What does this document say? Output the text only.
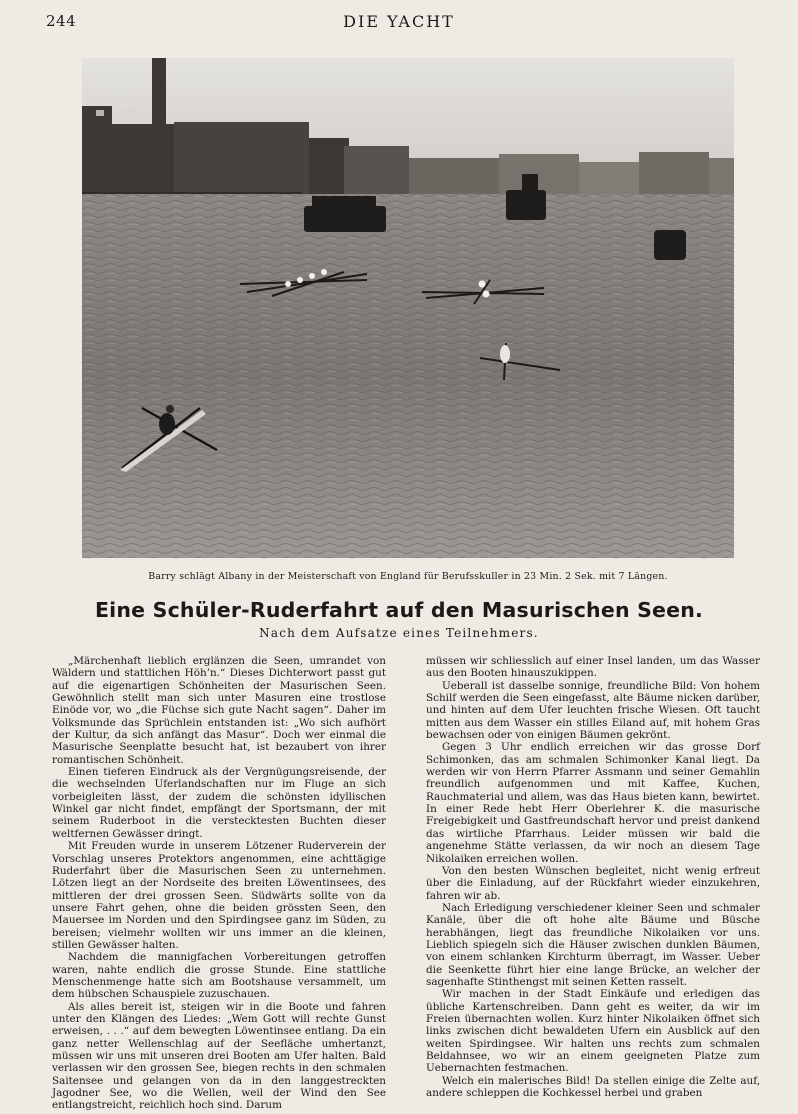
244	DIE YACHT
Barry schlägt Albany in der Meisterschaft von England für Berufsskuller in 23 Min. 2 Sek. mit 7 Längen.
Eine Schüler-Ruderfahrt auf den Masurischen Seen.
Nach dem Aufsatze eines Teilnehmers.

„Märchenhaft lieblich erglänzen die Seen, umrandet von Wäldern und stattlichen Höh’n.“ Dieses Dichterwort passt gut auf die eigenartigen Schönheiten der Masurischen Seen. Gewöhnlich stellt man sich unter Masuren eine trostlose Einöde vor, wo „die Füchse sich gute Nacht sagen“. Daher im Volksmunde das Sprüchlein entstanden ist: „Wo sich aufhört der Kultur, da sich anfängt das Masur“. Doch wer einmal die Masurische Seenplatte besucht hat, ist bezaubert von ihrer romantischen Schönheit.

Einen tieferen Eindruck als der Vergnügungsreisende, der die wechselnden Uferlandschaften nur im Fluge an sich vorbeigleiten lässt, der zudem die schönsten idyllischen Winkel gar nicht findet, empfängt der Sportsmann, der mit seinem Ruderboot in die verstecktesten Buchten dieser weltfernen Gewässer dringt.

Mit Freuden wurde in unserem Lötzener Ruderverein der Vorschlag unseres Protektors angenommen, eine achttägige Ruderfahrt über die Masurischen Seen zu unternehmen. Lötzen liegt an der Nordseite des breiten Löwentinsees, des mittleren der drei grossen Seen. Südwärts sollte von da unsere Fahrt gehen, ohne die beiden grössten Seen, den Mauersee im Norden und den Spirdingsee ganz im Süden, zu bereisen; vielmehr wollten wir uns immer an die kleinen, stillen Gewässer halten.

Nachdem die mannigfachen Vorbereitungen getroffen waren, nahte endlich die grosse Stunde. Eine stattliche Menschenmenge hatte sich am Bootshause versammelt, um dem hübschen Schauspiele zuzuschauen.

Als alles bereit ist, steigen wir in die Boote und fahren unter den Klängen des Liedes: „Wem Gott will rechte Gunst erweisen, . . .“ auf dem bewegten Löwentinsee entlang. Da ein ganz netter Wellenschlag auf der Seefläche umhertanzt, müssen wir uns mit unseren drei Booten am Ufer halten. Bald verlassen wir den grossen See, biegen rechts in den schmalen Saitensee und gelangen von da in den langgestreckten Jagodner See, wo die Wellen, weil der Wind den See entlangstreicht, reichlich hoch sind. Darum

müssen wir schliesslich auf einer Insel landen, um das Wasser aus den Booten hinauszukippen.

Ueberall ist dasselbe sonnige, freundliche Bild: Von hohem Schilf werden die Seen eingefasst, alte Bäume nicken darüber, und hinten auf dem Ufer leuchten frische Wiesen. Oft taucht mitten aus dem Wasser ein stilles Eiland auf, mit hohem Gras bewachsen oder von einigen Bäumen gekrönt.

Gegen 3 Uhr endlich erreichen wir das grosse Dorf Schimonken, das am schmalen Schimonker Kanal liegt. Da werden wir von Herrn Pfarrer Assmann und seiner Gemahlin freundlich aufgenommen und mit Kaffee, Kuchen, Rauchmaterial und allem, was das Haus bieten kann, bewirtet. In einer Rede hebt Herr Oberlehrer K. die masurische Freigebigkeit und Gastfreundschaft hervor und preist dankend das wirtliche Pfarrhaus. Leider müssen wir bald die angenehme Stätte verlassen, da wir noch an diesem Tage Nikolaiken erreichen wollen.

Von den besten Wünschen begleitet, nicht wenig erfreut über die Einladung, auf der Rückfahrt wieder einzukehren, fahren wir ab.

Nach Erledigung verschiedener kleiner Seen und schmaler Kanäle, über die oft hohe alte Bäume und Büsche herabhängen, liegt das freundliche Nikolaiken vor uns. Lieblich spiegeln sich die Häuser zwischen dunklen Bäumen, von einem schlanken Kirchturm überragt, im Wasser. Ueber die Seenkette führt hier eine lange Brücke, an welcher der sagenhafte Stinthengst mit seinen Ketten rasselt.

Wir machen in der Stadt Einkäufe und erledigen das übliche Kartenschreiben. Dann geht es weiter, da wir im Freien übernachten wollen. Kurz hinter Nikolaiken öffnet sich links zwischen dicht bewaldeten Ufern ein Ausblick auf den weiten Spirdingsee. Wir halten uns rechts zum schmalen Beldahnsee, wo wir an einem geeigneten Platze zum Uebernachten festmachen.

Welch ein malerisches Bild! Da stellen einige die Zelte auf, andere schleppen die Kochkessel herbei und graben
